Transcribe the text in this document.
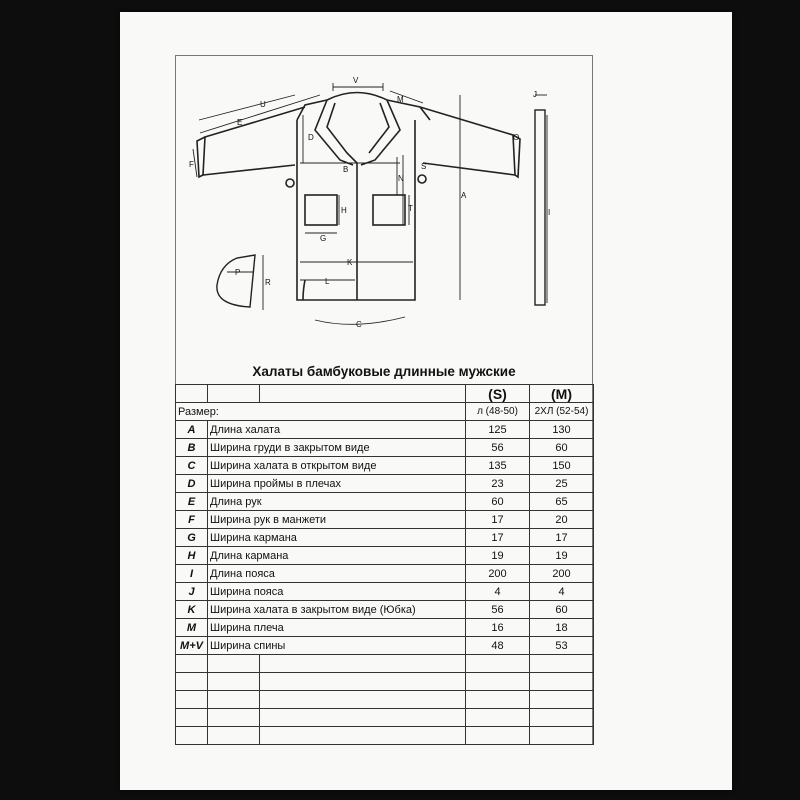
V
M
U
E
F
D
B	S
N
H
G
T
A
K
L
C
P
R
J
O
I
Халаты бамбуковые длинные мужские
			(S)	(M)
Размер:			л (48-50)	2ХЛ (52-54)
A	Длина халата		125	130
B	Ширина груди в закрытом виде		56	60
C	Ширина халата в открытом виде		135	150
D	Ширина проймы в плечах		23	25
E	Длина рук		60	65
F	Ширина рук в манжети		17	20
G	Ширина кармана		17	17
H	Длина кармана		19	19
I	Длина пояса		200	200
J	Ширина пояса		4	4
K	Ширина халата в закрытом виде (Юбка)		56	60
M	Ширина плеча		16	18
M+V	Ширина спины		48	53
